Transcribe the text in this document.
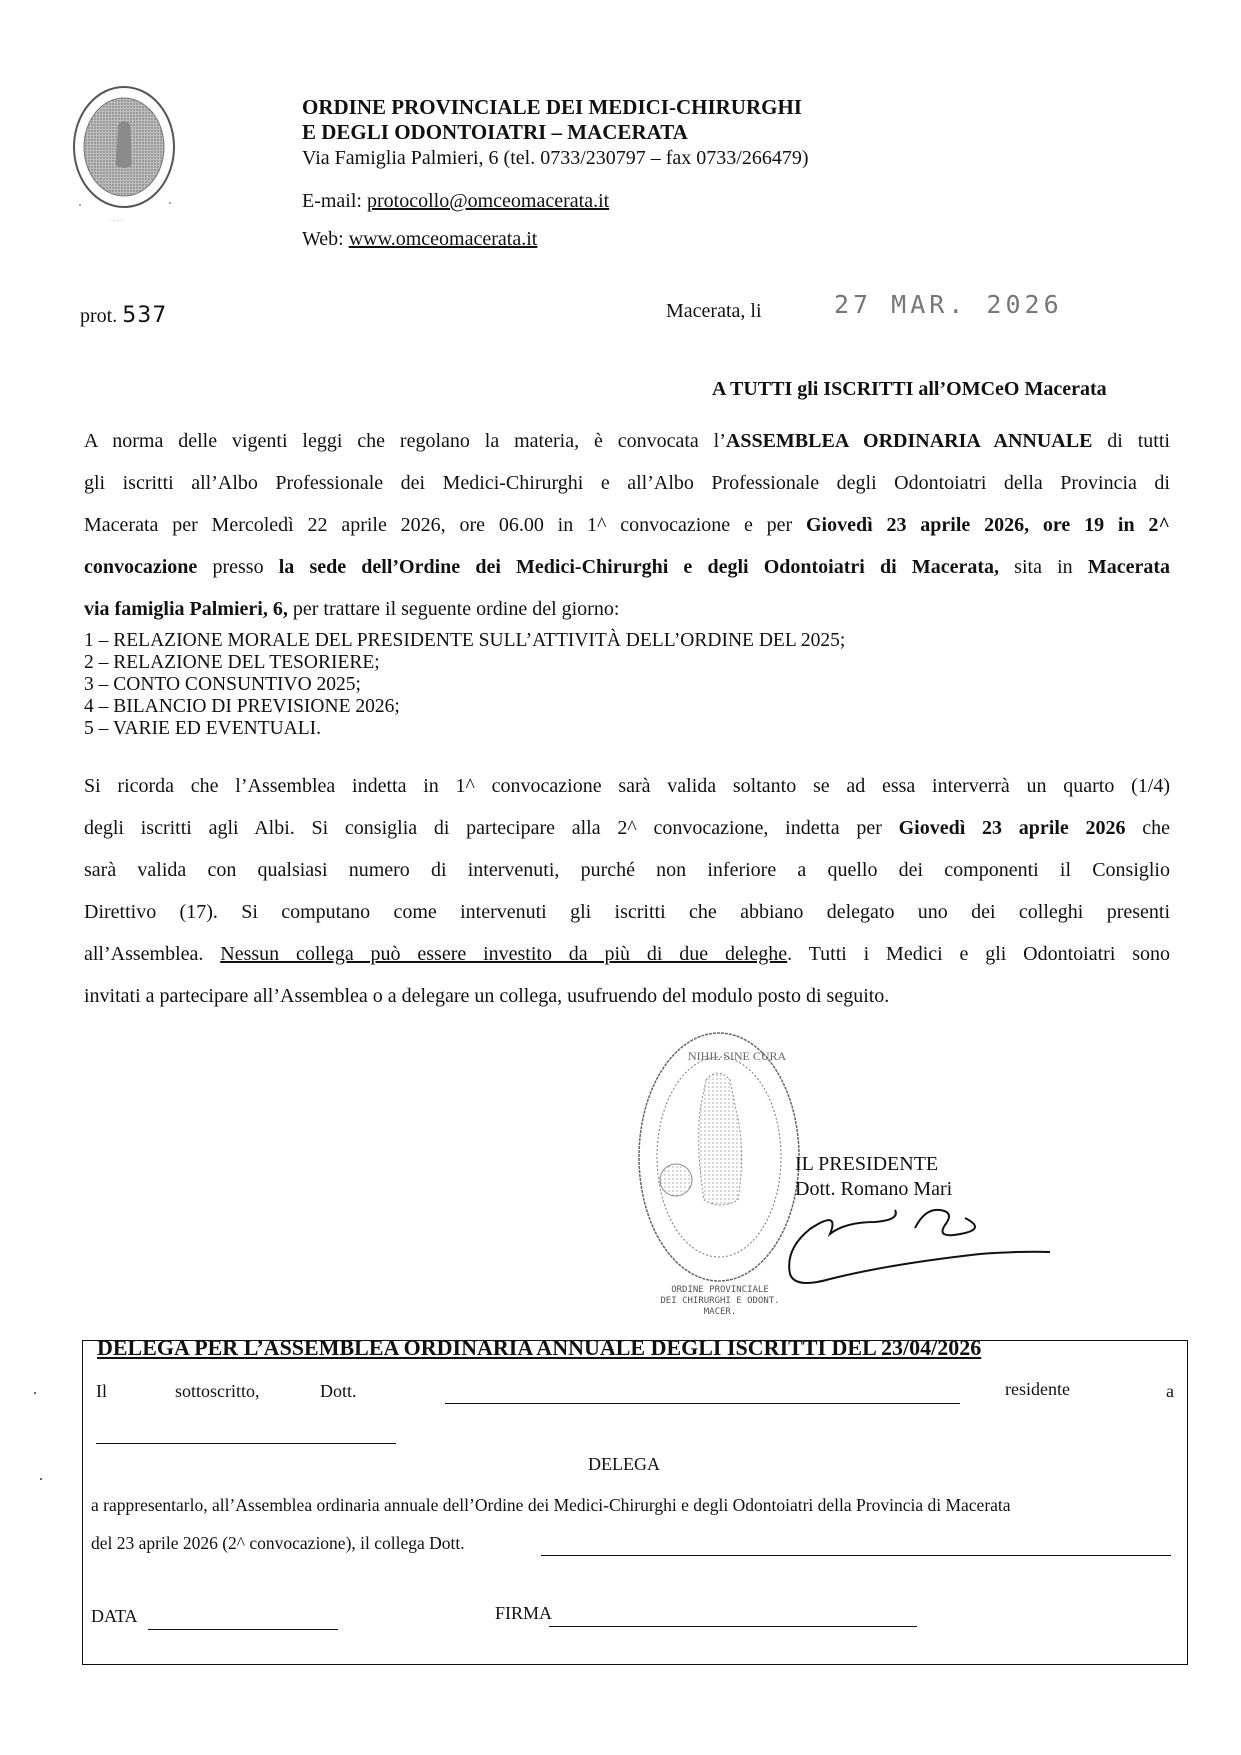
· · · ·
ORDINE PROVINCIALE DEI MEDICI-CHIRURGHI
E DEGLI ODONTOIATRI – MACERATA
Via Famiglia Palmieri, 6 (tel. 0733/230797 – fax 0733/266479)
E-mail: protocollo@omceomacerata.it
Web: www.omceomacerata.it
prot. 537	Macerata, li	27 MAR. 2026
A TUTTI gli ISCRITTI all’OMCeO Macerata
A norma delle vigenti leggi che regolano la materia, è convocata l’ASSEMBLEA ORDINARIA ANNUALE di tutti
gli iscritti all’Albo Professionale dei Medici-Chirurghi e all’Albo Professionale degli Odontoiatri della Provincia di
Macerata per Mercoledì 22 aprile 2026, ore 06.00 in 1^ convocazione e per Giovedì 23 aprile 2026, ore 19 in 2^
convocazione presso la sede dell’Ordine dei Medici-Chirurghi e degli Odontoiatri di Macerata, sita in Macerata
via famiglia Palmieri, 6, per trattare il seguente ordine del giorno:
1 – RELAZIONE MORALE DEL PRESIDENTE SULL’ATTIVITÀ DELL’ORDINE DEL 2025;
2 – RELAZIONE DEL TESORIERE;
3 – CONTO CONSUNTIVO 2025;
4 – BILANCIO DI PREVISIONE 2026;
5 – VARIE ED EVENTUALI.
Si ricorda che l’Assemblea indetta in 1^ convocazione sarà valida soltanto se ad essa interverrà un quarto (1/4)
degli iscritti agli Albi. Si consiglia di partecipare alla 2^ convocazione, indetta per Giovedì 23 aprile 2026 che
sarà valida con qualsiasi numero di intervenuti, purché non inferiore a quello dei componenti il Consiglio
Direttivo (17). Si computano come intervenuti gli iscritti che abbiano delegato uno dei colleghi presenti
all’Assemblea. Nessun collega può essere investito da più di due deleghe. Tutti i Medici e gli Odontoiatri sono
invitati a partecipare all’Assemblea o a delegare un collega, usufruendo del modulo posto di seguito.
NIHIL SINE CURA
IL PRESIDENTE
Dott. Romano Mari
ORDINE PROVINCIALE
DEI CHIRURGHI E ODONT.
MACER.
DELEGA PER L’ASSEMBLEA ORDINARIA ANNUALE DEGLI ISCRITTI DEL 23/04/2026
Il	sottoscritto,	Dott.	residente	a
DELEGA
a rappresentarlo, all’Assemblea ordinaria annuale dell’Ordine dei Medici-Chirurghi e degli Odontoiatri della Provincia di Macerata
del 23 aprile 2026 (2^ convocazione), il collega Dott.
DATA	FIRMA
